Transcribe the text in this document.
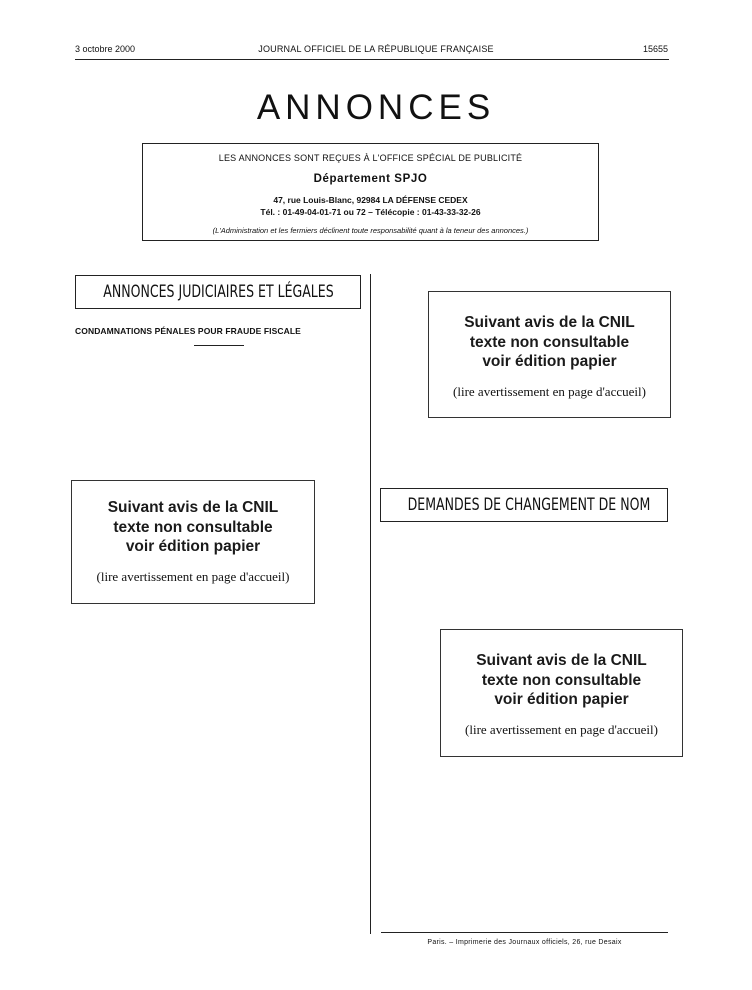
3 octobre 2000	JOURNAL OFFICIEL DE LA RÉPUBLIQUE FRANÇAISE	15655
ANNONCES
LES ANNONCES SONT REÇUES À L'OFFICE SPÉCIAL DE PUBLICITÉ
Département SPJO
47, rue Louis-Blanc, 92984 LA DÉFENSE CEDEX
Tél. : 01-49-04-01-71 ou 72 – Télécopie : 01-43-33-32-26
(L'Administration et les fermiers déclinent toute responsabilité quant à la teneur des annonces.)
ANNONCES JUDICIAIRES ET LÉGALES
CONDAMNATIONS PÉNALES POUR FRAUDE FISCALE
Suivant avis de la CNIL
texte non consultable
voir édition papier
(lire avertissement en page d'accueil)
Suivant avis de la CNIL
texte non consultable
voir édition papier
(lire avertissement en page d'accueil)
DEMANDES DE CHANGEMENT DE NOM
Suivant avis de la CNIL
texte non consultable
voir édition papier
(lire avertissement en page d'accueil)
Paris. – Imprimerie des Journaux officiels, 26, rue Desaix
